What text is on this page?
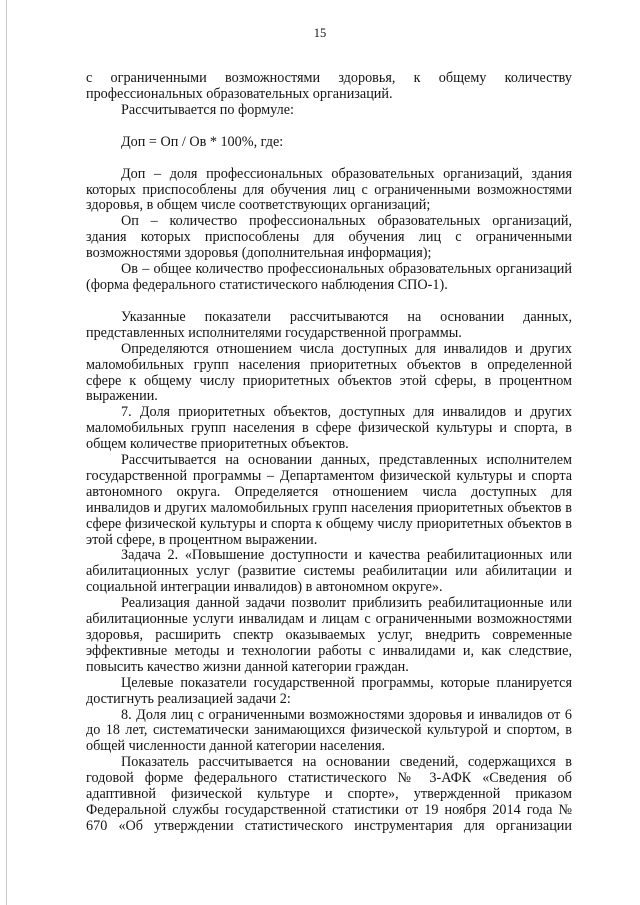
15

с ограниченными возможностями здоровья, к общему количеству профессиональных образовательных организаций.

Рассчитывается по формуле:

Доп = Оп / Ов * 100%, где:

Доп – доля профессиональных образовательных организаций, здания которых приспособлены для обучения лиц с ограниченными возможностями здоровья, в общем числе соответствующих организаций;

Оп – количество профессиональных образовательных организаций, здания которых приспособлены для обучения лиц с ограниченными возможностями здоровья (дополнительная информация);

Ов – общее количество профессиональных образовательных организаций (форма федерального статистического наблюдения СПО-1).

Указанные показатели рассчитываются на основании данных, представленных исполнителями государственной программы.

Определяются отношением числа доступных для инвалидов и других маломобильных групп населения приоритетных объектов в определенной сфере к общему числу приоритетных объектов этой сферы, в процентном выражении.

7. Доля приоритетных объектов, доступных для инвалидов и других маломобильных групп населения в сфере физической культуры и спорта, в общем количестве приоритетных объектов.

Рассчитывается на основании данных, представленных исполнителем государственной программы – Департаментом физической культуры и спорта автономного округа. Определяется отношением числа доступных для инвалидов и других маломобильных групп населения приоритетных объектов в сфере физической культуры и спорта к общему числу приоритетных объектов в этой сфере, в процентном выражении.

Задача 2. «Повышение доступности и качества реабилитационных или абилитационных услуг (развитие системы реабилитации или абилитации и социальной интеграции инвалидов) в автономном округе».

Реализация данной задачи позволит приблизить реабилитационные или абилитационные услуги инвалидам и лицам с ограниченными возможностями здоровья, расширить спектр оказываемых услуг, внедрить современные эффективные методы и технологии работы с инвалидами и, как следствие, повысить качество жизни данной категории граждан.

Целевые показатели государственной программы, которые планируется достигнуть реализацией задачи 2:

8. Доля лиц с ограниченными возможностями здоровья и инвалидов от 6 до 18 лет, систематически занимающихся физической культурой и спортом, в общей численности данной категории населения.

Показатель рассчитывается на основании сведений, содержащихся в годовой форме федерального статистического № 3-АФК «Сведения об адаптивной физической культуре и спорте», утвержденной приказом Федеральной службы государственной статистики от 19 ноября 2014 года № 670 «Об утверждении статистического инструментария для организации
